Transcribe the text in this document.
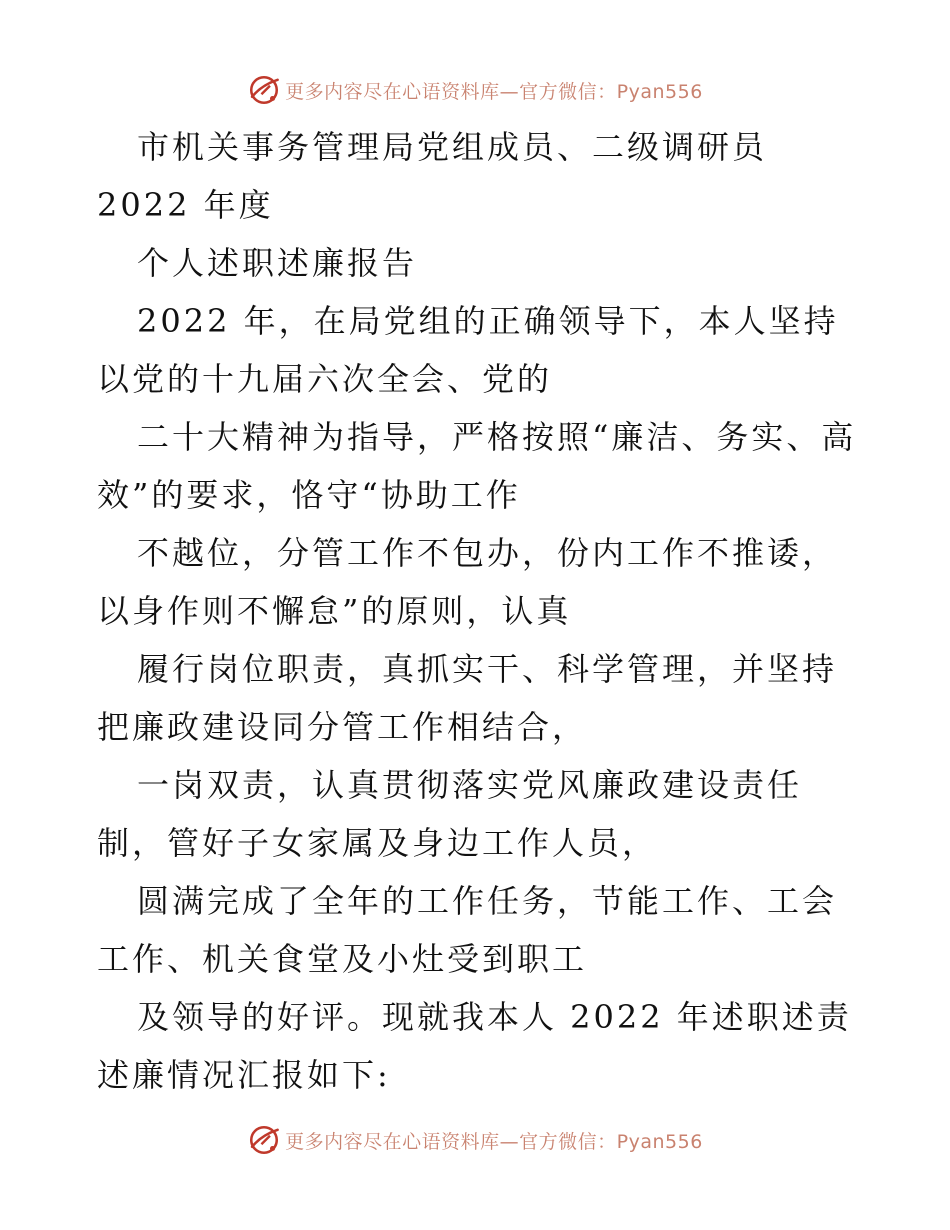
更多内容尽在心语资料库—官方微信：Pyan556

市机关事务管理局党组成员、二级调研员 2022 年度

个人述职述廉报告

2022 年，在局党组的正确领导下，本人坚持以党的十九届六次全会、党的

二十大精神为指导，严格按照“廉洁、务实、高效”的要求，恪守“协助工作

不越位，分管工作不包办，份内工作不推诿，以身作则不懈怠”的原则，认真

履行岗位职责，真抓实干、科学管理，并坚持把廉政建设同分管工作相结合，

一岗双责，认真贯彻落实党风廉政建设责任制，管好子女家属及身边工作人员，

圆满完成了全年的工作任务，节能工作、工会工作、机关食堂及小灶受到职工

及领导的好评。现就我本人 2022 年述职述责述廉情况汇报如下:

更多内容尽在心语资料库—官方微信：Pyan556
